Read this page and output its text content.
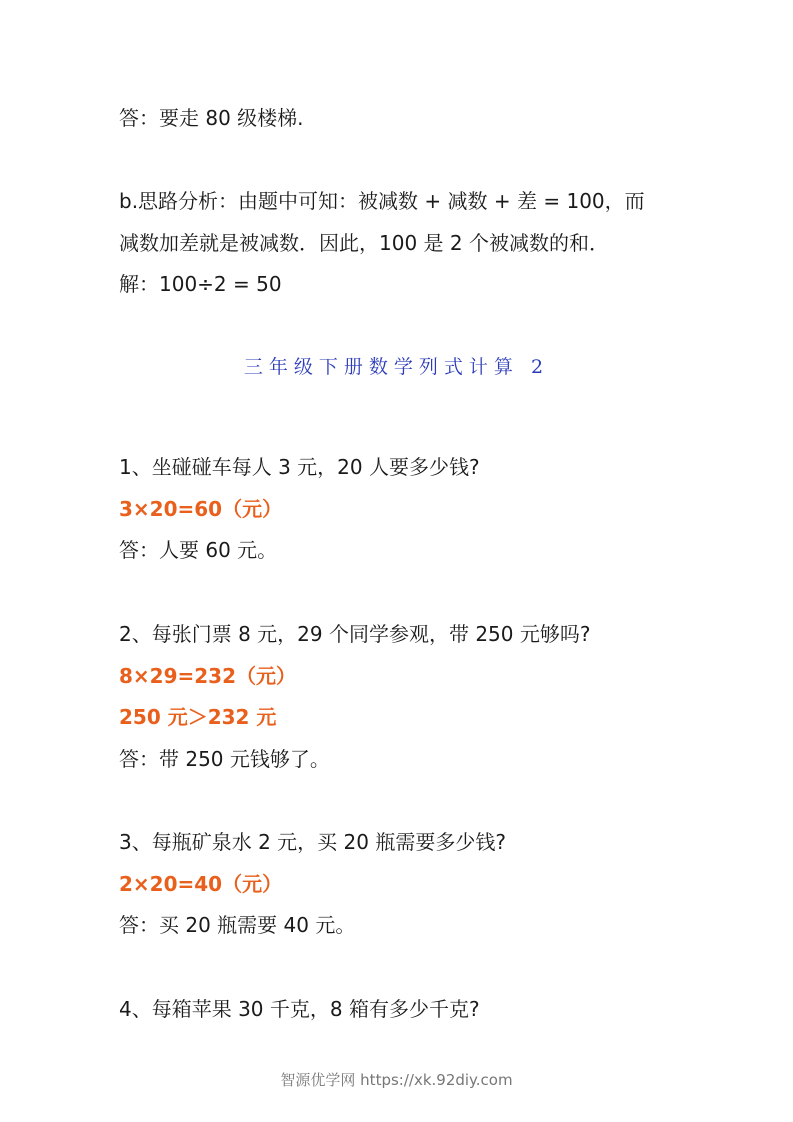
答：要走 80 级楼梯.
b.思路分析：由题中可知：被减数 + 减数 + 差 = 100，而
减数加差就是被减数．因此，100 是 2 个被减数的和．
解：100÷2 = 50
三年级下册数学列式计算 2
1、坐碰碰车每人 3 元，20 人要多少钱?
3×20=60（元）
答：人要 60 元。
2、每张门票 8 元，29 个同学参观，带 250 元够吗?
8×29=232（元）
250 元＞232 元
答：带 250 元钱够了。
3、每瓶矿泉水 2 元，买 20 瓶需要多少钱?
2×20=40（元）
答：买 20 瓶需要 40 元。
4、每箱苹果 30 千克，8 箱有多少千克?
智源优学网 https://xk.92diy.com
